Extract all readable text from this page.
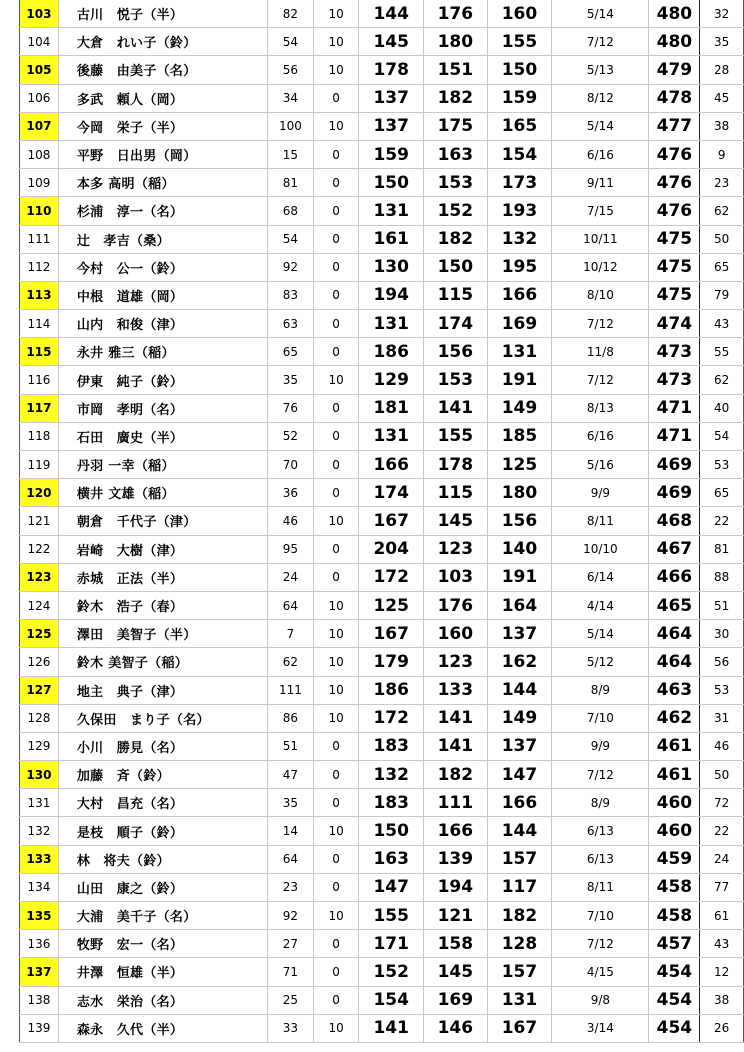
103	古川　悦子（半）	82	10	144	176	160	5/14	480	32
104	大倉　れい子（鈴）	54	10	145	180	155	7/12	480	35
105	後藤　由美子（名）	56	10	178	151	150	5/13	479	28
106	多武　頼人（岡）	34	0	137	182	159	8/12	478	45
107	今岡　栄子（半）	100	10	137	175	165	5/14	477	38
108	平野　日出男（岡）	15	0	159	163	154	6/16	476	9
109	本多 高明（稲）	81	0	150	153	173	9/11	476	23
110	杉浦　淳一（名）	68	0	131	152	193	7/15	476	62
111	辻　孝吉（桑）	54	0	161	182	132	10/11	475	50
112	今村　公一（鈴）	92	0	130	150	195	10/12	475	65
113	中根　道雄（岡）	83	0	194	115	166	8/10	475	79
114	山内　和俊（津）	63	0	131	174	169	7/12	474	43
115	永井 雅三（稲）	65	0	186	156	131	11/8	473	55
116	伊東　純子（鈴）	35	10	129	153	191	7/12	473	62
117	市岡　孝明（名）	76	0	181	141	149	8/13	471	40
118	石田　廣史（半）	52	0	131	155	185	6/16	471	54
119	丹羽 一幸（稲）	70	0	166	178	125	5/16	469	53
120	横井 文雄（稲）	36	0	174	115	180	9/9	469	65
121	朝倉　千代子（津）	46	10	167	145	156	8/11	468	22
122	岩崎　大樹（津）	95	0	204	123	140	10/10	467	81
123	赤城　正法（半）	24	0	172	103	191	6/14	466	88
124	鈴木　浩子（春）	64	10	125	176	164	4/14	465	51
125	澤田　美智子（半）	7	10	167	160	137	5/14	464	30
126	鈴木 美智子（稲）	62	10	179	123	162	5/12	464	56
127	地主　典子（津）	111	10	186	133	144	8/9	463	53
128	久保田　まり子（名）	86	10	172	141	149	7/10	462	31
129	小川　勝見（名）	51	0	183	141	137	9/9	461	46
130	加藤　斉（鈴）	47	0	132	182	147	7/12	461	50
131	大村　昌充（名）	35	0	183	111	166	8/9	460	72
132	是枝　順子（鈴）	14	10	150	166	144	6/13	460	22
133	林　将夫（鈴）	64	0	163	139	157	6/13	459	24
134	山田　康之（鈴）	23	0	147	194	117	8/11	458	77
135	大浦　美千子（名）	92	10	155	121	182	7/10	458	61
136	牧野　宏一（名）	27	0	171	158	128	7/12	457	43
137	井澤　恒雄（半）	71	0	152	145	157	4/15	454	12
138	志水　栄治（名）	25	0	154	169	131	9/8	454	38
139	森永　久代（半）	33	10	141	146	167	3/14	454	26
